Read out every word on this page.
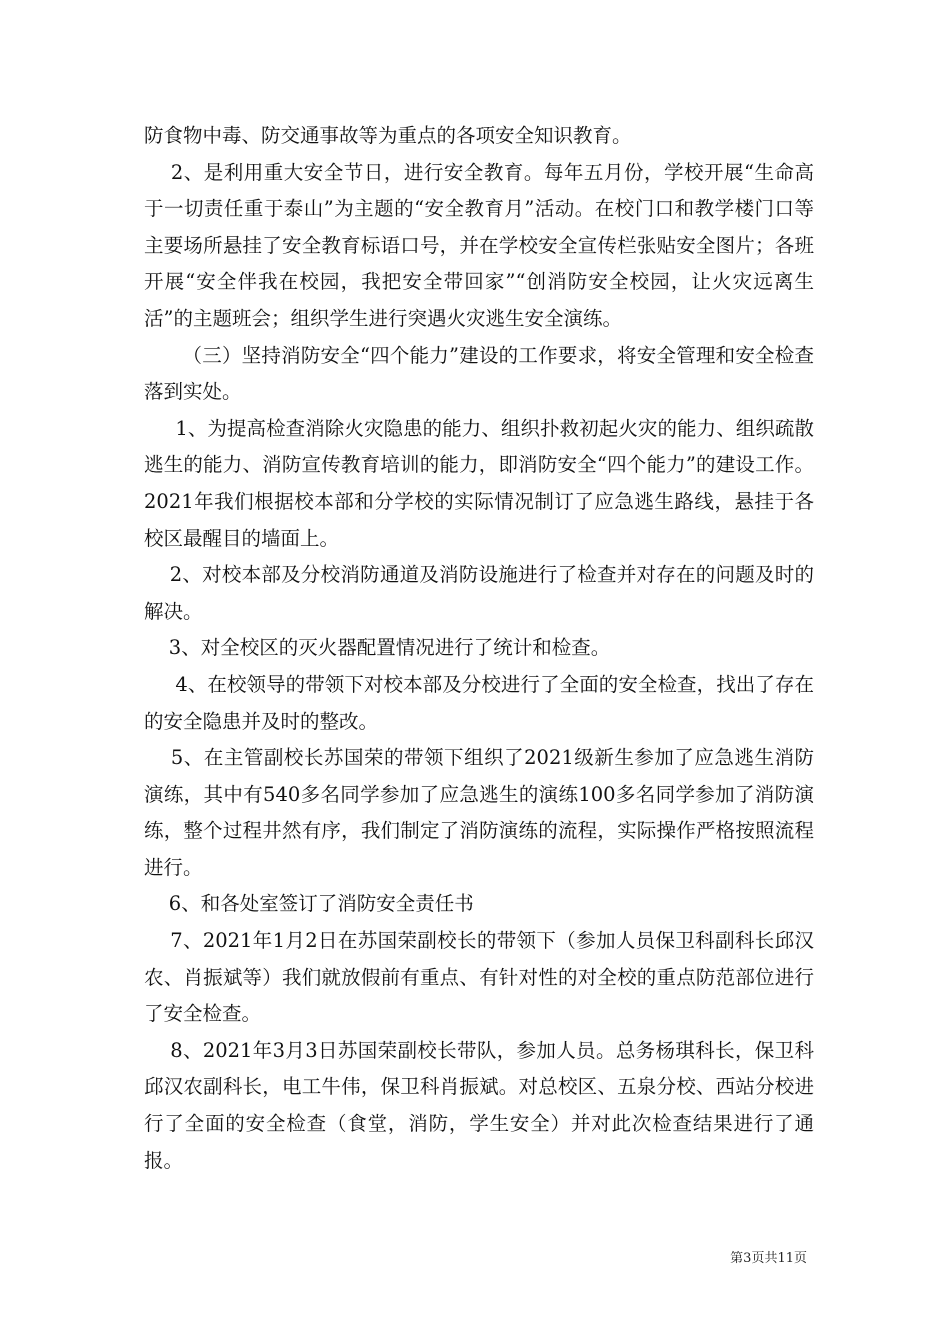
防食物中毒、防交通事故等为重点的各项安全知识教育。

2、是利用重大安全节日，进行安全教育。每年五月份，学校开展“生命高于一切责任重于泰山”为主题的“安全教育月”活动。在校门口和教学楼门口等主要场所悬挂了安全教育标语口号，并在学校安全宣传栏张贴安全图片；各班开展“安全伴我在校园，我把安全带回家”“创消防安全校园，让火灾远离生活”的主题班会；组织学生进行突遇火灾逃生安全演练。

（三）坚持消防安全“四个能力”建设的工作要求，将安全管理和安全检查落到实处。

1、为提高检查消除火灾隐患的能力、组织扑救初起火灾的能力、组织疏散逃生的能力、消防宣传教育培训的能力，即消防安全“四个能力”的建设工作。2021年我们根据校本部和分学校的实际情况制订了应急逃生路线，悬挂于各校区最醒目的墙面上。

2、对校本部及分校消防通道及消防设施进行了检查并对存在的问题及时的解决。

3、对全校区的灭火器配置情况进行了统计和检查。

4、在校领导的带领下对校本部及分校进行了全面的安全检查，找出了存在的安全隐患并及时的整改。

5、在主管副校长苏国荣的带领下组织了2021级新生参加了应急逃生消防演练，其中有540多名同学参加了应急逃生的演练100多名同学参加了消防演练，整个过程井然有序，我们制定了消防演练的流程，实际操作严格按照流程进行。

6、和各处室签订了消防安全责任书

7、2021年1月2日在苏国荣副校长的带领下（参加人员保卫科副科长邱汉农、肖振斌等）我们就放假前有重点、有针对性的对全校的重点防范部位进行了安全检查。

8、2021年3月3日苏国荣副校长带队，参加人员。总务杨琪科长，保卫科邱汉农副科长，电工牛伟，保卫科肖振斌。对总校区、五泉分校、西站分校进行了全面的安全检查（食堂，消防，学生安全）并对此次检查结果进行了通报。

第3页共11页
